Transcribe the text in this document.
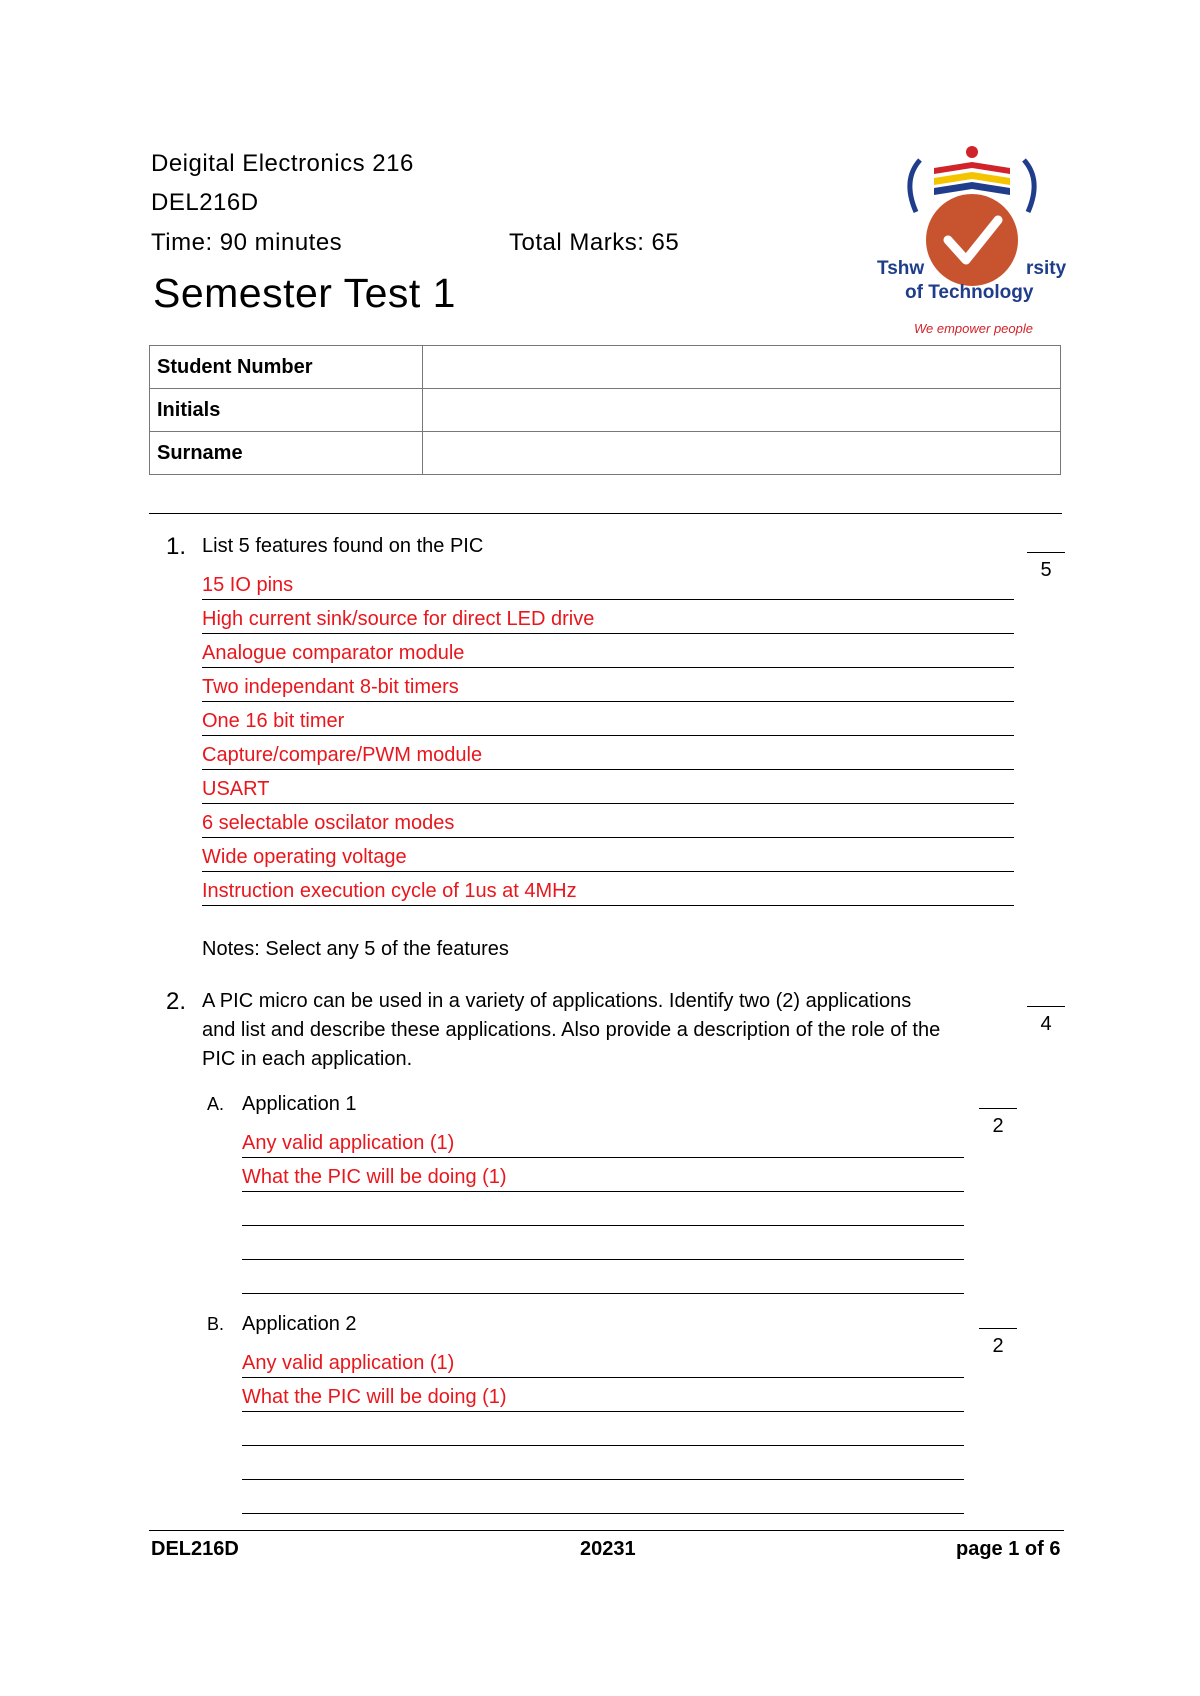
Deigital Electronics 216
DEL216D
Time: 90 minutes	Total Marks: 65
Semester Test 1
Tshw	rsity
of Technology
We empower people
Student Number	
Initials	
Surname	
1. List 5 features found on the PIC
5
15 IO pins
High current sink/source for direct LED drive
Analogue comparator module
Two independant 8-bit timers
One 16 bit timer
Capture/compare/PWM module
USART
6 selectable oscilator modes
Wide operating voltage
Instruction execution cycle of 1us at 4MHz
Notes: Select any 5 of the features
2. A PIC micro can be used in a variety of applications. Identify two (2) applications
and list and describe these applications. Also provide a description of the role of the
PIC in each application.
4
A. Application 1
2
Any valid application (1)
What the PIC will be doing (1)
B. Application 2
2
Any valid application (1)
What the PIC will be doing (1)
DEL216D	20231	page 1 of 6
